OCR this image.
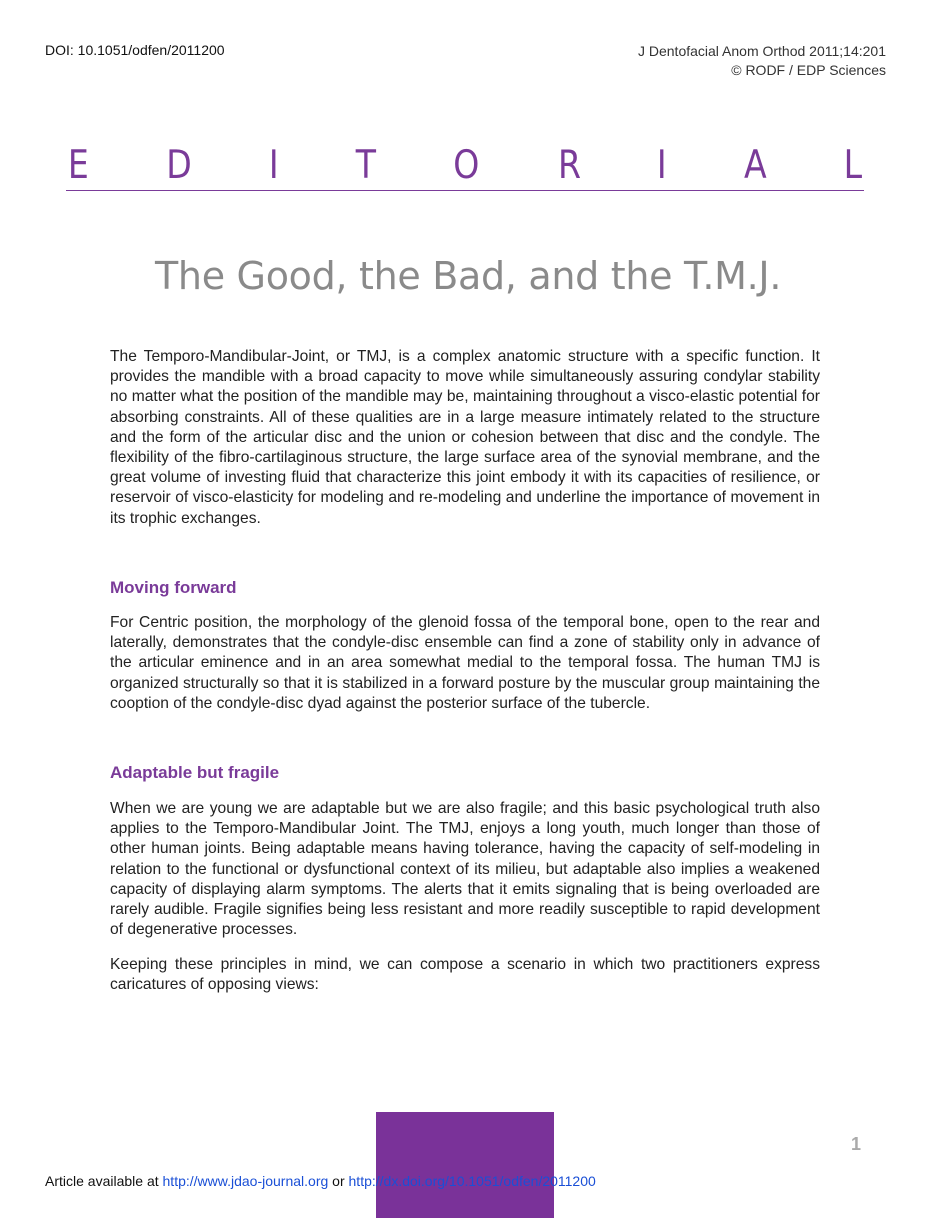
DOI: 10.1051/odfen/2011200	J Dentofacial Anom Orthod 2011;14:201
© RODF / EDP Sciences
E D I T O R I A L
The Good, the Bad, and the T.M.J.

The Temporo-Mandibular-Joint, or TMJ, is a complex anatomic structure with a specific function. It provides the mandible with a broad capacity to move while simultaneously assuring condylar stability no matter what the position of the mandible may be, maintaining throughout a visco-elastic potential for absorbing constraints. All of these qualities are in a large measure intimately related to the structure and the form of the articular disc and the union or cohesion between that disc and the condyle. The flexibility of the fibro-cartilaginous structure, the large surface area of the synovial membrane, and the great volume of investing fluid that characterize this joint embody it with its capacities of resilience, or reservoir of visco-elasticity for modeling and re-modeling and underline the importance of movement in its trophic exchanges.

Moving forward

For Centric position, the morphology of the glenoid fossa of the temporal bone, open to the rear and laterally, demonstrates that the condyle-disc ensemble can find a zone of stability only in advance of the articular eminence and in an area somewhat medial to the temporal fossa. The human TMJ is organized structurally so that it is stabilized in a forward posture by the muscular group maintaining the cooption of the condyle-disc dyad against the posterior surface of the tubercle.

Adaptable but fragile

When we are young we are adaptable but we are also fragile; and this basic psychological truth also applies to the Temporo-Mandibular Joint. The TMJ, enjoys a long youth, much longer than those of other human joints. Being adaptable means having tolerance, having the capacity of self-modeling in relation to the functional or dysfunctional context of its milieu, but adaptable also implies a weakened capacity of displaying alarm symptoms. The alerts that it emits signaling that is being overloaded are rarely audible. Fragile signifies being less resistant and more readily susceptible to rapid development of degenerative processes.

Keeping these principles in mind, we can compose a scenario in which two practitioners express caricatures of opposing views:

1
Article available at http://www.jdao-journal.org or http://dx.doi.org/10.1051/odfen/2011200
